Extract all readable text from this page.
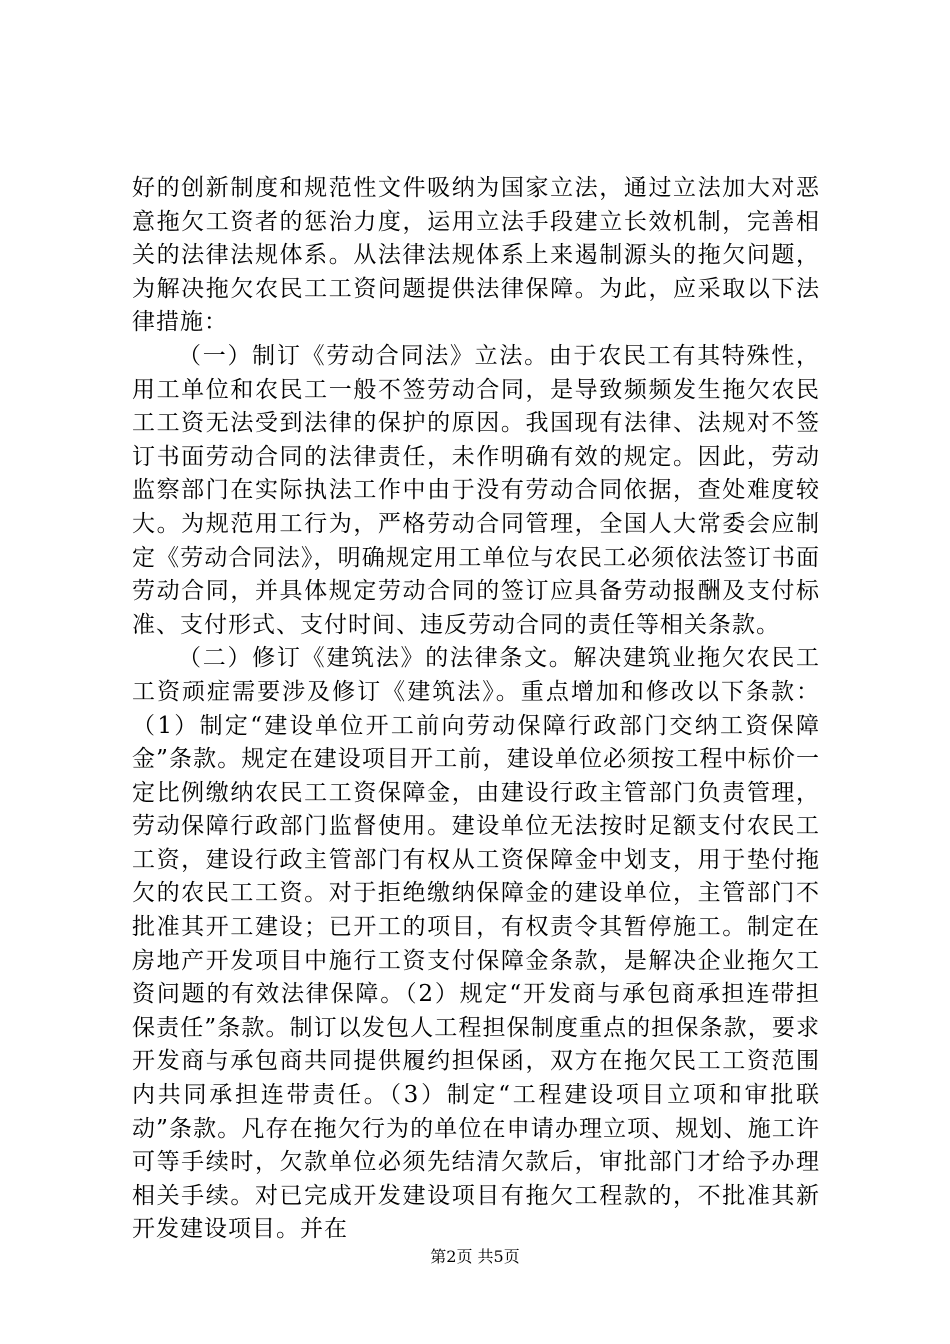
好的创新制度和规范性文件吸纳为国家立法，通过立法加大对恶意拖欠工资者的惩治力度，运用立法手段建立长效机制，完善相关的法律法规体系。从法律法规体系上来遏制源头的拖欠问题，为解决拖欠农民工工资问题提供法律保障。为此，应采取以下法律措施：

（一）制订《劳动合同法》立法。由于农民工有其特殊性，用工单位和农民工一般不签劳动合同，是导致频频发生拖欠农民工工资无法受到法律的保护的原因。我国现有法律、法规对不签订书面劳动合同的法律责任，未作明确有效的规定。因此，劳动监察部门在实际执法工作中由于没有劳动合同依据，查处难度较大。为规范用工行为，严格劳动合同管理，全国人大常委会应制定《劳动合同法》，明确规定用工单位与农民工必须依法签订书面劳动合同，并具体规定劳动合同的签订应具备劳动报酬及支付标准、支付形式、支付时间、违反劳动合同的责任等相关条款。

（二）修订《建筑法》的法律条文。解决建筑业拖欠农民工工资顽症需要涉及修订《建筑法》。重点增加和修改以下条款：（1）制定“建设单位开工前向劳动保障行政部门交纳工资保障金”条款。规定在建设项目开工前，建设单位必须按工程中标价一定比例缴纳农民工工资保障金，由建设行政主管部门负责管理，劳动保障行政部门监督使用。建设单位无法按时足额支付农民工工资，建设行政主管部门有权从工资保障金中划支，用于垫付拖欠的农民工工资。对于拒绝缴纳保障金的建设单位，主管部门不批准其开工建设；已开工的项目，有权责令其暂停施工。制定在房地产开发项目中施行工资支付保障金条款，是解决企业拖欠工资问题的有效法律保障。（2）规定“开发商与承包商承担连带担保责任”条款。制订以发包人工程担保制度重点的担保条款，要求开发商与承包商共同提供履约担保函，双方在拖欠民工工资范围内共同承担连带责任。（3）制定“工程建设项目立项和审批联动”条款。凡存在拖欠行为的单位在申请办理立项、规划、施工许可等手续时，欠款单位必须先结清欠款后，审批部门才给予办理相关手续。对已完成开发建设项目有拖欠工程款的，不批准其新开发建设项目。并在

第2页 共5页
